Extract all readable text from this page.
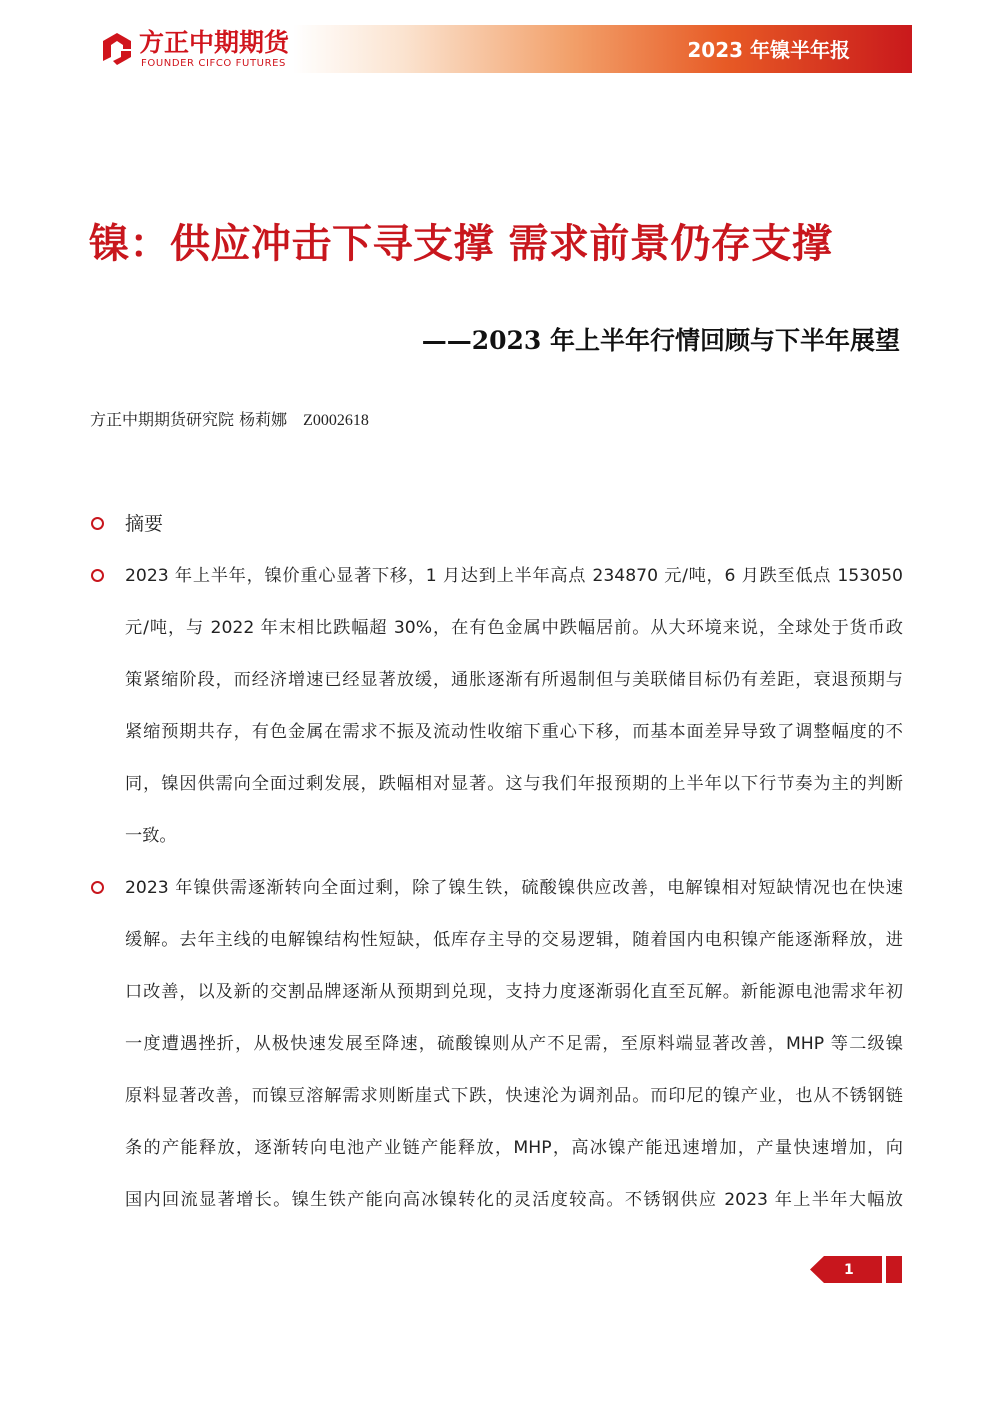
方正中期期货
FOUNDER CIFCO FUTURES
2023 年镍半年报
镍：供应冲击下寻支撑 需求前景仍存支撑
——2023 年上半年行情回顾与下半年展望
方正中期期货研究院 杨莉娜 Z0002618
摘要
2023 年上半年，镍价重心显著下移，1 月达到上半年高点 234870 元/吨，6 月跌至低点 153050
元/吨，与 2022 年末相比跌幅超 30%，在有色金属中跌幅居前。从大环境来说，全球处于货币政
策紧缩阶段，而经济增速已经显著放缓，通胀逐渐有所遏制但与美联储目标仍有差距，衰退预期与
紧缩预期共存，有色金属在需求不振及流动性收缩下重心下移，而基本面差异导致了调整幅度的不
同，镍因供需向全面过剩发展，跌幅相对显著。这与我们年报预期的上半年以下行节奏为主的判断
一致。
2023 年镍供需逐渐转向全面过剩，除了镍生铁，硫酸镍供应改善，电解镍相对短缺情况也在快速
缓解。去年主线的电解镍结构性短缺，低库存主导的交易逻辑，随着国内电积镍产能逐渐释放，进
口改善，以及新的交割品牌逐渐从预期到兑现，支持力度逐渐弱化直至瓦解。新能源电池需求年初
一度遭遇挫折，从极快速发展至降速，硫酸镍则从产不足需，至原料端显著改善，MHP 等二级镍
原料显著改善，而镍豆溶解需求则断崖式下跌，快速沦为调剂品。而印尼的镍产业，也从不锈钢链
条的产能释放，逐渐转向电池产业链产能释放，MHP，高冰镍产能迅速增加，产量快速增加，向
国内回流显著增长。镍生铁产能向高冰镍转化的灵活度较高。不锈钢供应 2023 年上半年大幅放
1
